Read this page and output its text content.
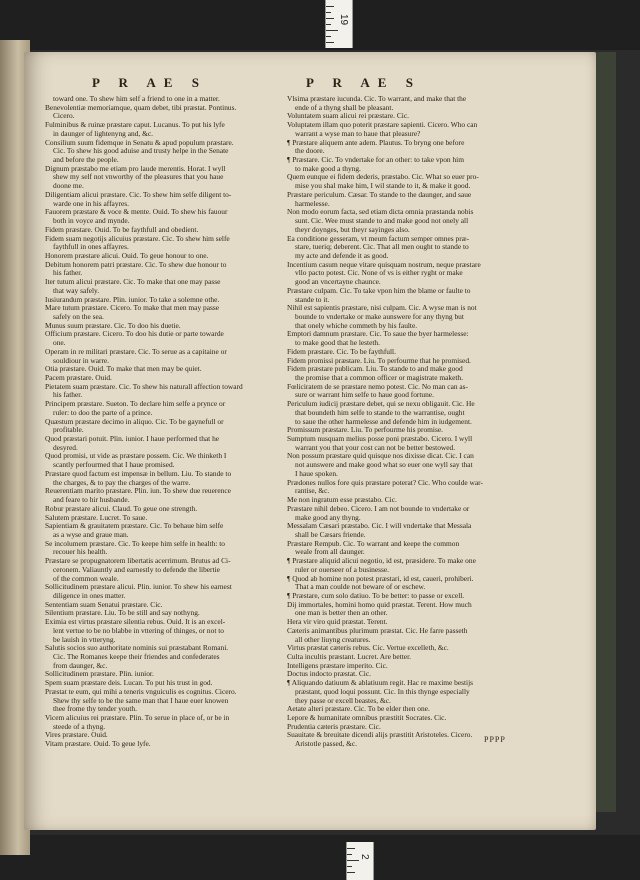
19
P R AE S	P R AE S
toward one. To shew him self a friend to one in a matter.
Benevolentiæ memoriamque, quam debet, tibi præstat. Pontinus.
Cicero.
Fulminibus & ruinæ præstare caput. Lucanus. To put his lyfe
in daunger of lightenyng and, &c.
Consilium suum fidemque in Senatu & apud populum præstare.
Cic. To shew his good aduise and trusty helpe in the Senate
and before the people.
Dignum præstabo me etiam pro laude merentis. Horat. I wyll
shew my self not vnworthy of the pleasures that you haue
doone me.
Diligentiam alicui præstare. Cic. To shew him selfe diligent to-
warde one in his affayres.
Fauorem præstare & voce & mente. Ouid. To shew his fauour
both in voyce and mynde.
Fidem præstare. Ouid. To be faythfull and obedient.
Fidem suam negotijs alicuius præstare. Cic. To shew him selfe
faythfull in ones affayres.
Honorem præstare alicui. Ouid. To geue honour to one.
Debitum honorem patri præstare. Cic. To shew due honour to
his father.
Iter tutum alicui præstare. Cic. To make that one may passe
that way safely.
Iusiurandum præstare. Plin. iunior. To take a solemne othe.
Mare tutum præstare. Cicero. To make that men may passe
safely on the sea.
Munus suum præstare. Cic. To doo his duetie.
Officium præstare. Cicero. To doo his dutie or parte towarde
one.
Operam in re militari præstare. Cic. To serue as a capitaine or
souldiour in warre.
Otia præstare. Ouid. To make that men may be quiet.
Pacem præstare. Ouid.
Pietatem suam præstare. Cic. To shew his naturall affection toward
his father.
Principem præstare. Sueton. To declare him selfe a prynce or
ruler: to doo the parte of a prince.
Quæstum præstare decimo in aliquo. Cic. To be gaynefull or
profitable.
Quod præstari potuit. Plin. iunior. I haue performed that he
desyred.
Quod promisi, ut vide as præstare possem. Cic. We thinketh I
scantly perfourmed that I haue promised.
Præstare quod factum est impensæ in bellum. Liu. To stande to
the charges, & to pay the charges of the warre.
Reuerentiam marito præstare. Plin. iun. To shew due reuerence
and feare to hir husbande.
Robur præstare alicui. Claud. To geue one strength.
Salutem præstare. Lucret. To saue.
Sapientiam & grauitatem præstare. Cic. To behaue him selfe
as a wyse and graue man.
Se incolumem præstare. Cic. To keepe him selfe in health: to
recouer his health.
Præstare se propugnatorem libertatis acerrimum. Brutus ad Ci-
ceronem. Valiauntly and earnestly to defende the libertie
of the common weale.
Sollicitudinem præstare alicui. Plin. iunior. To shew his earnest
diligence in ones matter.
Sententiam suam Senatui præstare. Cic.
Silentium præstare. Liu. To be still and say nothyng.
Eximia est virtus præstare silentia rebus. Ouid. It is an excel-
lent vertue to be no blabbe in vttering of thinges, or not to
be lauish in vtteryng.
Salutis socios suo authoritate nominis sui præstabant Romani.
Cic. The Romanes keepe their friendes and confederates
from daunger, &c.
Sollicitudinem præstare. Plin. iunior.
Spem suam præstare deis. Lucan. To put his trust in god.
Præstat te eum, qui mihi a teneris vnguiculis es cognitus. Cicero.
Shew thy selfe to be the same man that I haue euer knowen
thee frome thy tender youth.
Vicem alicuius rei præstare. Plin. To serue in place of, or be in
steede of a thyng.
Vires præstare. Ouid.
Vitam præstare. Ouid. To geue lyfe.
Vlsima præstare iucunda. Cic. To warrant, and make that the
ende of a thyng shall be pleasant.
Voluntatem suam alicui rei præstare. Cic.
Voluptatem illam quo poterit præstare sapienti. Cicero. Who can
warrant a wyse man to haue that pleasure?
¶ Præstare aliquem ante adem. Plautus. To bryng one before
the doore.
¶ Præstare. Cic. To vndertake for an other: to take vpon him
to make good a thyng.
Quem eunque ei fidem dederis, præstabo. Cic. What so euer pro-
mise you shal make him, I wil stande to it, & make it good.
Præstare periculum. Cæsar. To stande to the daunger, and saue
harmelesse.
Non modo eorum facta, sed etiam dicta omnia præstanda nobis
sunt. Cic. Wee must stande to and make good not onely all
theyr doynges, but theyr sayinges also.
Ea conditione gesseram, vt meum factum semper omnes præ-
stare, tueriq; deberent. Cic. That all men ought to stande to
my acte and defende it as good.
Incentium casum neque vitare quisquam nostrum, neque præstare
vllo pacto potest. Cic. None of vs is either ryght or make
good an vncertayne chaunce.
Præstare culpam. Cic. To take vpon him the blame or faulte to
stande to it.
Nihil est sapientis præstare, nisi culpam. Cic. A wyse man is not
bounde to vndertake or make aunswere for any thyng but
that onely whiche commeth by his faulte.
Emptori damnum præstare. Cic. To saue the byer harmelesse:
to make good that he lesteth.
Fidem præstare. Cic. To be faythfull.
Fidem promissi præstare. Liu. To perfourme that he promised.
Fidem præstare publicam. Liu. To stande to and make good
the promise that a common officer or magistrate maketh.
Fœliciratem de se præstare nemo potest. Cic. No man can as-
sure or warrant him selfe to haue good fortune.
Periculum iudicij præstare debet, qui se nexu obligauit. Cic. He
that boundeth him selfe to stande to the warrantise, ought
to saue the other harmelesse and defende him in iudgement.
Promissum præstare. Liu. To perfourme his promise.
Sumptum nusquam melius posse poni præstabo. Cicero. I wyll
warrant you that your cost can not be better bestowed.
Non possum præstare quid quisque nos dixisse dicat. Cic. I can
not aunswere and make good what so euer one wyll say that
I haue spoken.
Prædones nullos fore quis præstare poterat? Cic. Who coulde war-
rantise, &c.
Me non ingratum esse præstabo. Cic.
Præstare nihil debeo. Cicero. I am not bounde to vndertake or
make good any thyng.
Messalam Cæsari præstabo. Cic. I will vndertake that Messala
shall be Cæsars friende.
Præstare Rempub. Cic. To warrant and keepe the common
weale from all daunger.
¶ Præstare aliquid alicui negotio, id est, præsidere. To make one
ruler or ouerseer of a businesse.
¶ Quod ab homine non potest præstari, id est, caueri, prohiberi.
That a man coulde not beware of or eschew.
¶ Præstare, cum solo datiuo. To be better: to passe or excell.
Dij immortales, homini homo quid præstat. Terent. How much
one man is better then an other.
Hera vir viro quid præstat. Terent.
Cæteris animantibus plurimum præstat. Cic. He farre passeth
all other liuyng creatures.
Virtus præstat cæteris rebus. Cic. Vertue excelleth, &c.
Culta incultis præstant. Lucret. Are better.
Intelligens præstare imperito. Cic.
Doctus indocto præstat. Cic.
¶ Aliquando datiuum & ablatiuum regit. Hac re maxime bestijs
præstant, quod loqui possunt. Cic. In this thynge especially
they passe or excell beastes, &c.
Aetate alteri præstare. Cic. To be elder then one.
Lepore & humanitate omnibus præstitit Socrates. Cic.
Prudentia cæteris præstare. Cic.
Suauitate & breuitate dicendi alijs præstitit Aristoteles. Cicero.
Aristotle passed, &c.	PPPP
2
